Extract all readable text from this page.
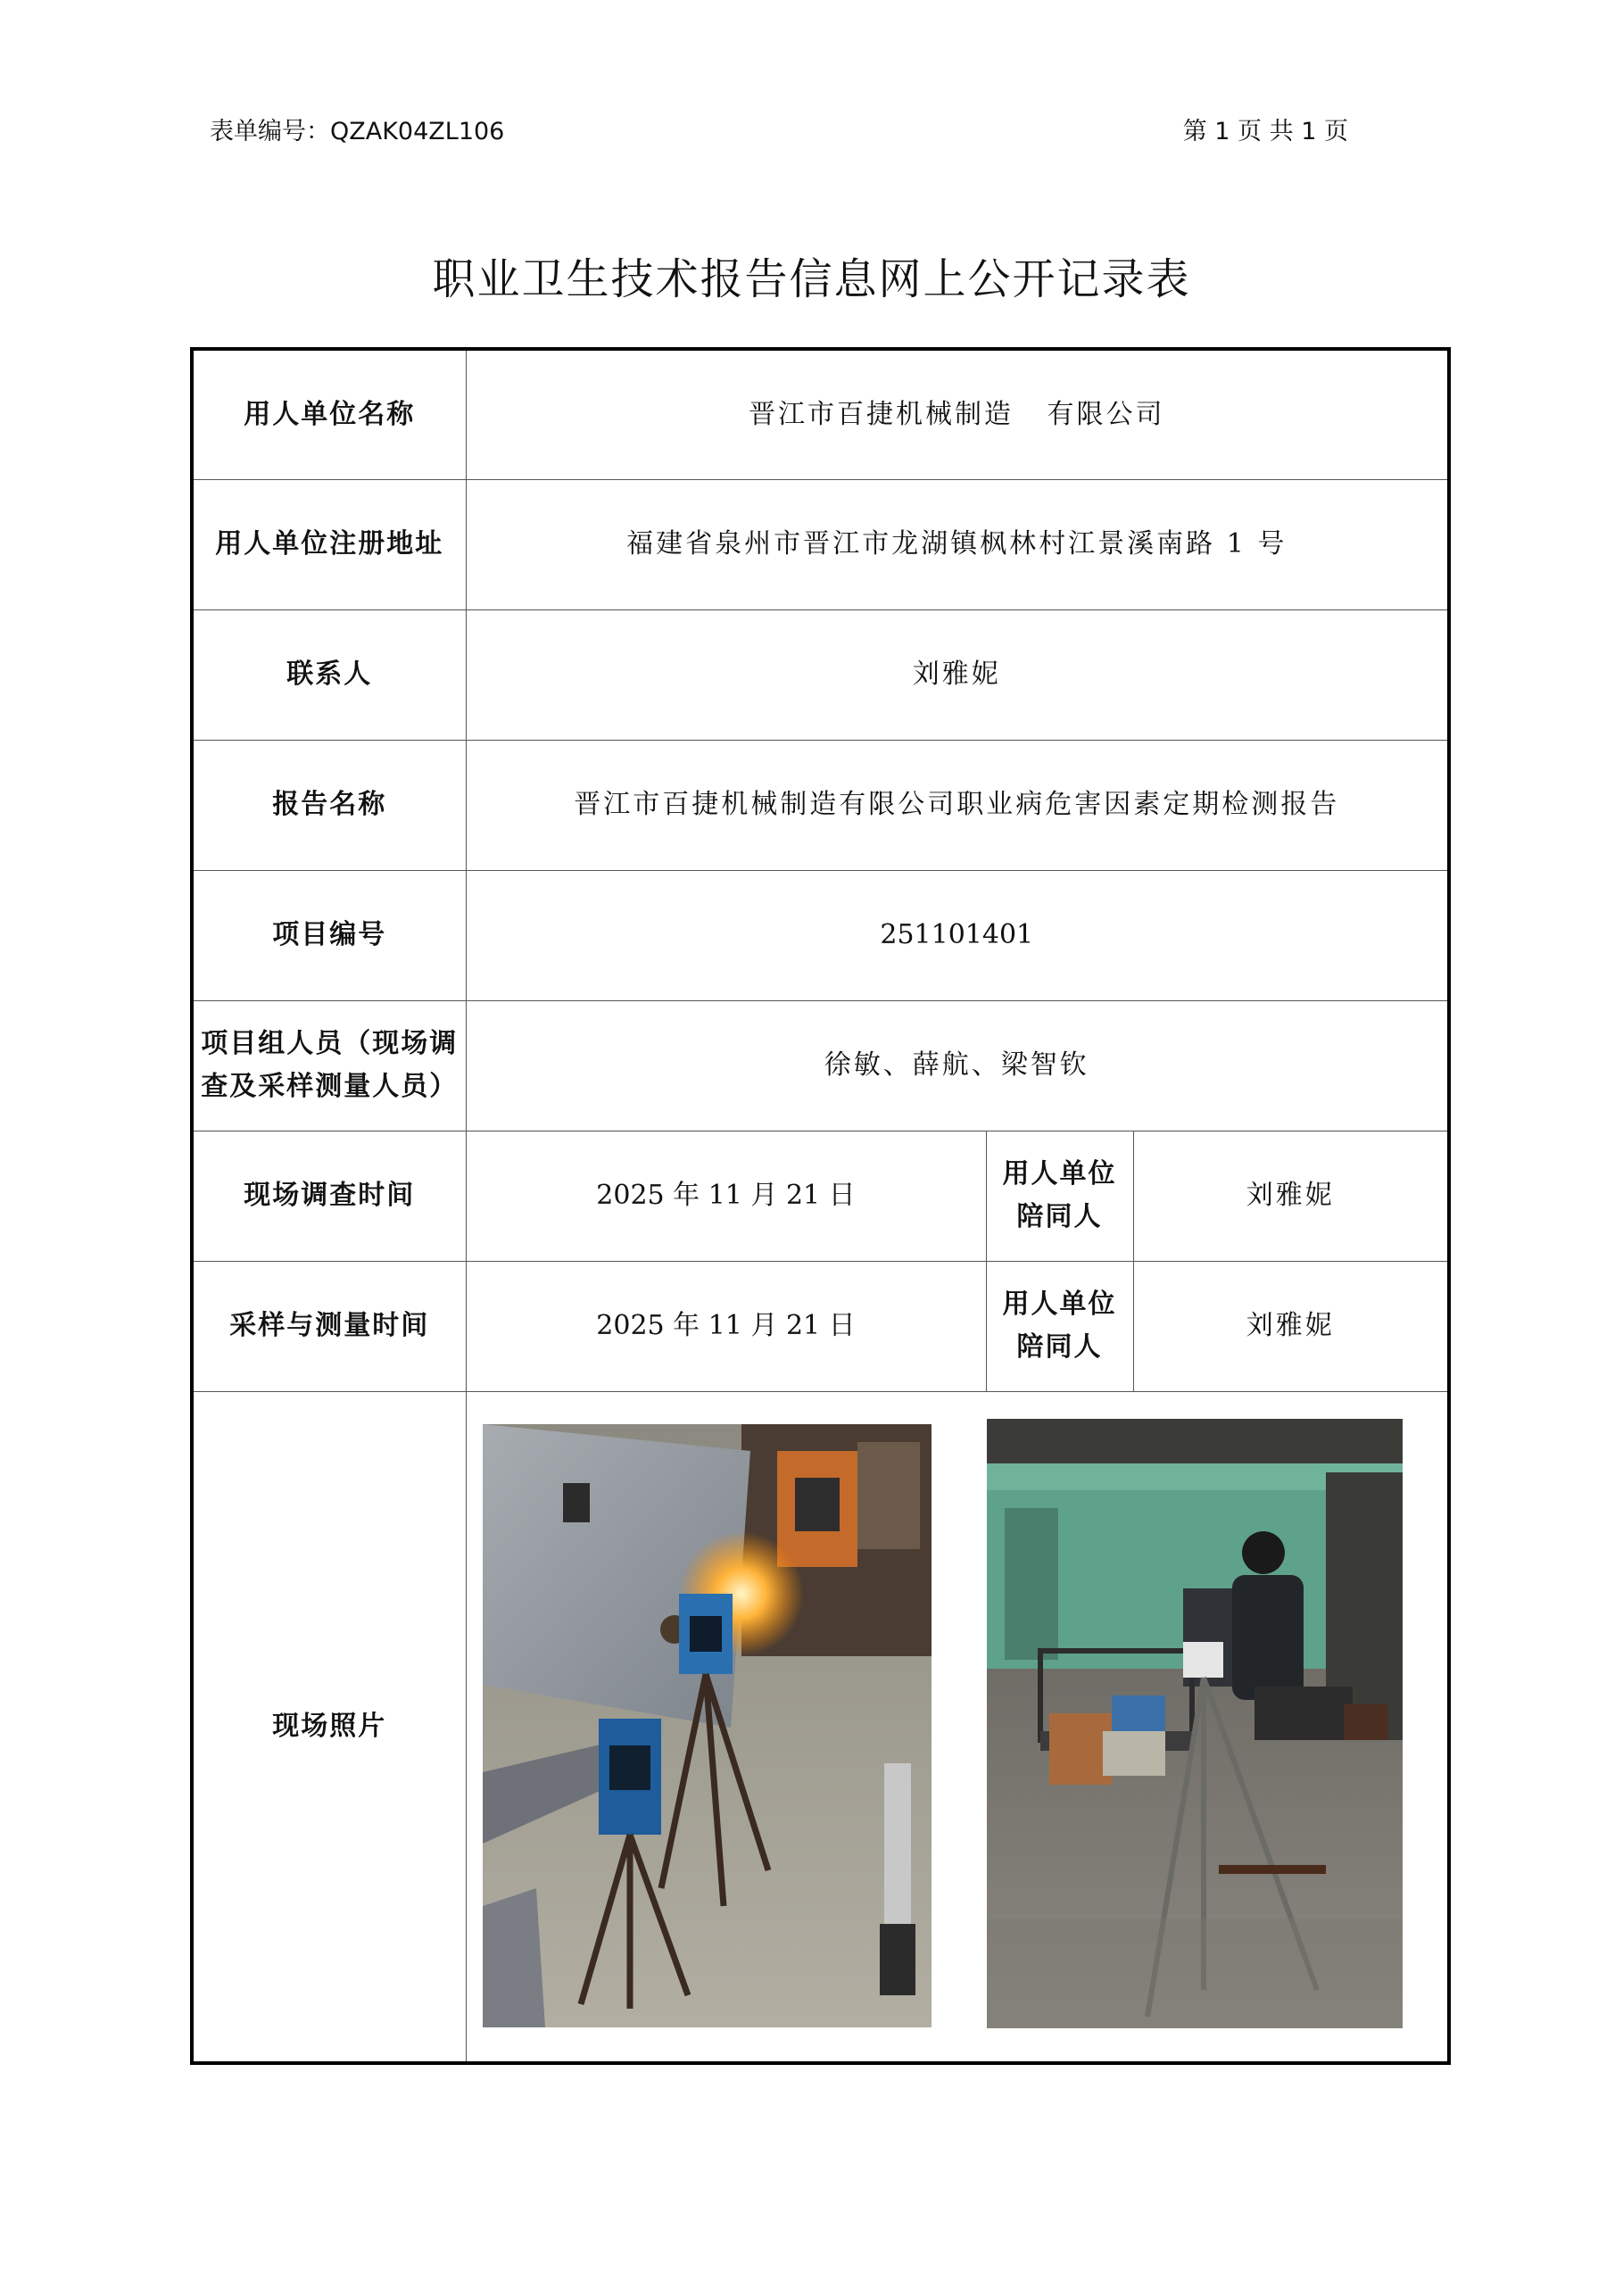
表单编号：QZAK04ZL106	第 1 页 共 1 页
职业卫生技术报告信息网上公开记录表
用人单位名称	晋江市百捷机械制造   有限公司		
用人单位注册地址	福建省泉州市晋江市龙湖镇枫林村江景溪南路 1 号		
联系人	刘雅妮		
报告名称	晋江市百捷机械制造有限公司职业病危害因素定期检测报告		
项目编号	251101401		

项目组人员（现场调
查及采样测量人员）	徐敏、薛航、梁智钦		
现场调查时间	2025 年 11 月 21 日	用人单位
陪同人	刘雅妮
采样与测量时间	2025 年 11 月 21 日	用人单位
陪同人	刘雅妮
现场照片	
